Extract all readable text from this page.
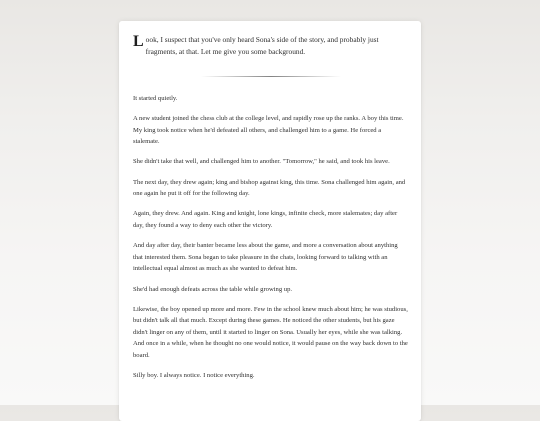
Look, I suspect that you've only heard Sona's side of the story, and probably just fragments, at that. Let me give you some background.

It started quietly.

A new student joined the chess club at the college level, and rapidly rose up the ranks. A boy this time. My king took notice when he'd defeated all others, and challenged him to a game. He forced a stalemate.

She didn't take that well, and challenged him to another. "Tomorrow," he said, and took his leave.

The next day, they drew again; king and bishop against king, this time. Sona challenged him again, and one again he put it off for the following day.

Again, they drew. And again. King and knight, lone kings, infinite check, more stalemates; day after day, they found a way to deny each other the victory.

And day after day, their banter became less about the game, and more a conversation about anything that interested them. Sona began to take pleasure in the chats, looking forward to talking with an intellectual equal almost as much as she wanted to defeat him.

She'd had enough defeats across the table while growing up.

Likewise, the boy opened up more and more. Few in the school knew much about him; he was studious, but didn't talk all that much. Except during these games. He noticed the other students, but his gaze didn't linger on any of them, until it started to linger on Sona. Usually her eyes, while she was talking. And once in a while, when he thought no one would notice, it would pause on the way back down to the board.

Silly boy. I always notice. I notice everything.
